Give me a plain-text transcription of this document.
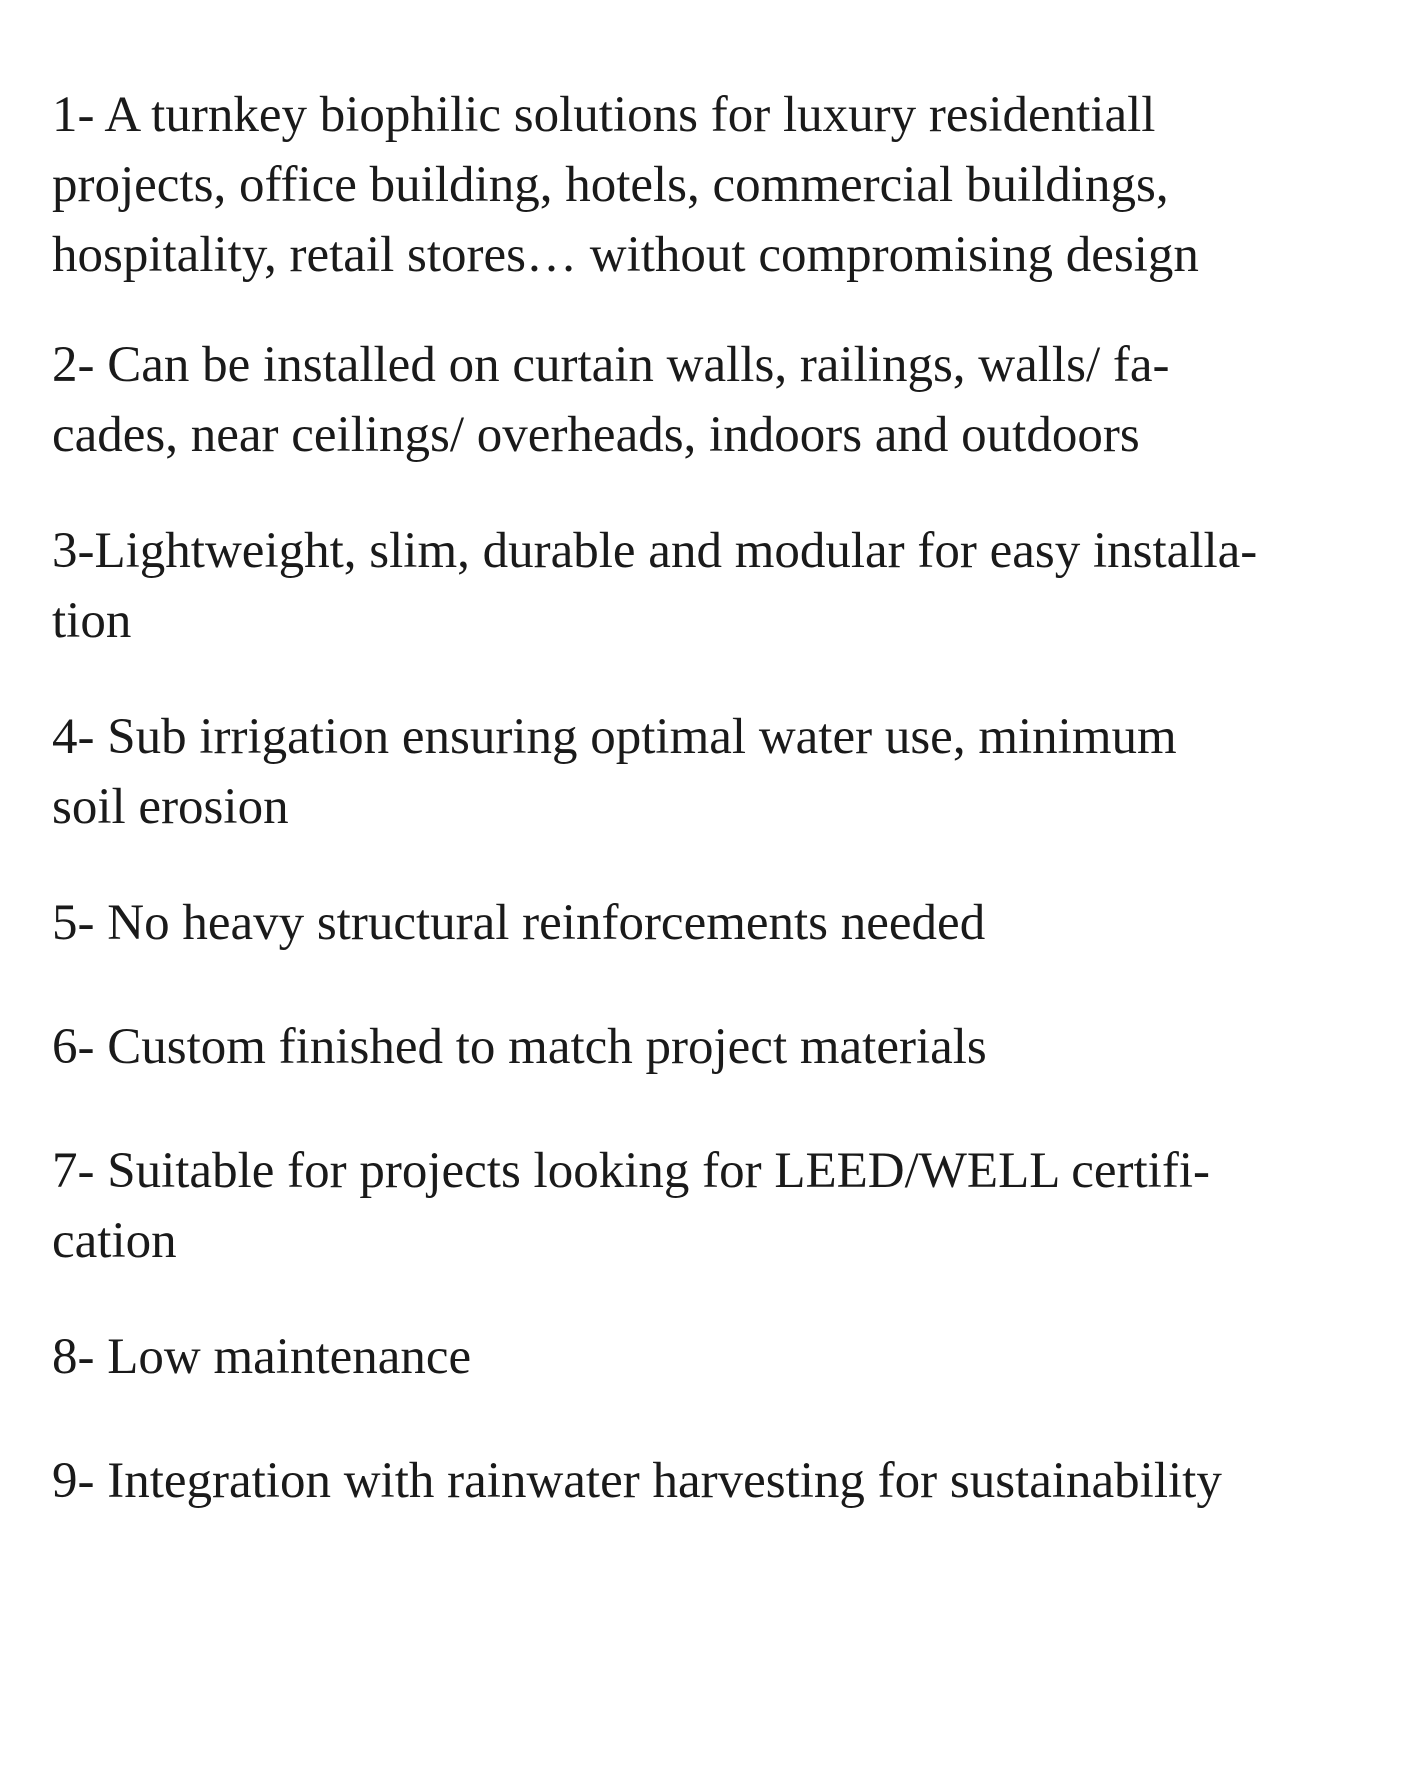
1- A turnkey biophilic solutions for luxury residentiall
projects, office building, hotels, commercial buildings,
hospitality, retail stores… without compromising design

2- Can be installed on curtain walls, railings, walls/ fa-
cades, near ceilings/ overheads, indoors and outdoors

3-Lightweight, slim, durable and modular for easy installa-
tion

4- Sub irrigation ensuring optimal water use, minimum
soil erosion

5- No heavy structural reinforcements needed

6- Custom finished to match project materials

7- Suitable for projects looking for LEED/WELL certifi-
cation

8- Low maintenance

9- Integration with rainwater harvesting for sustainability
